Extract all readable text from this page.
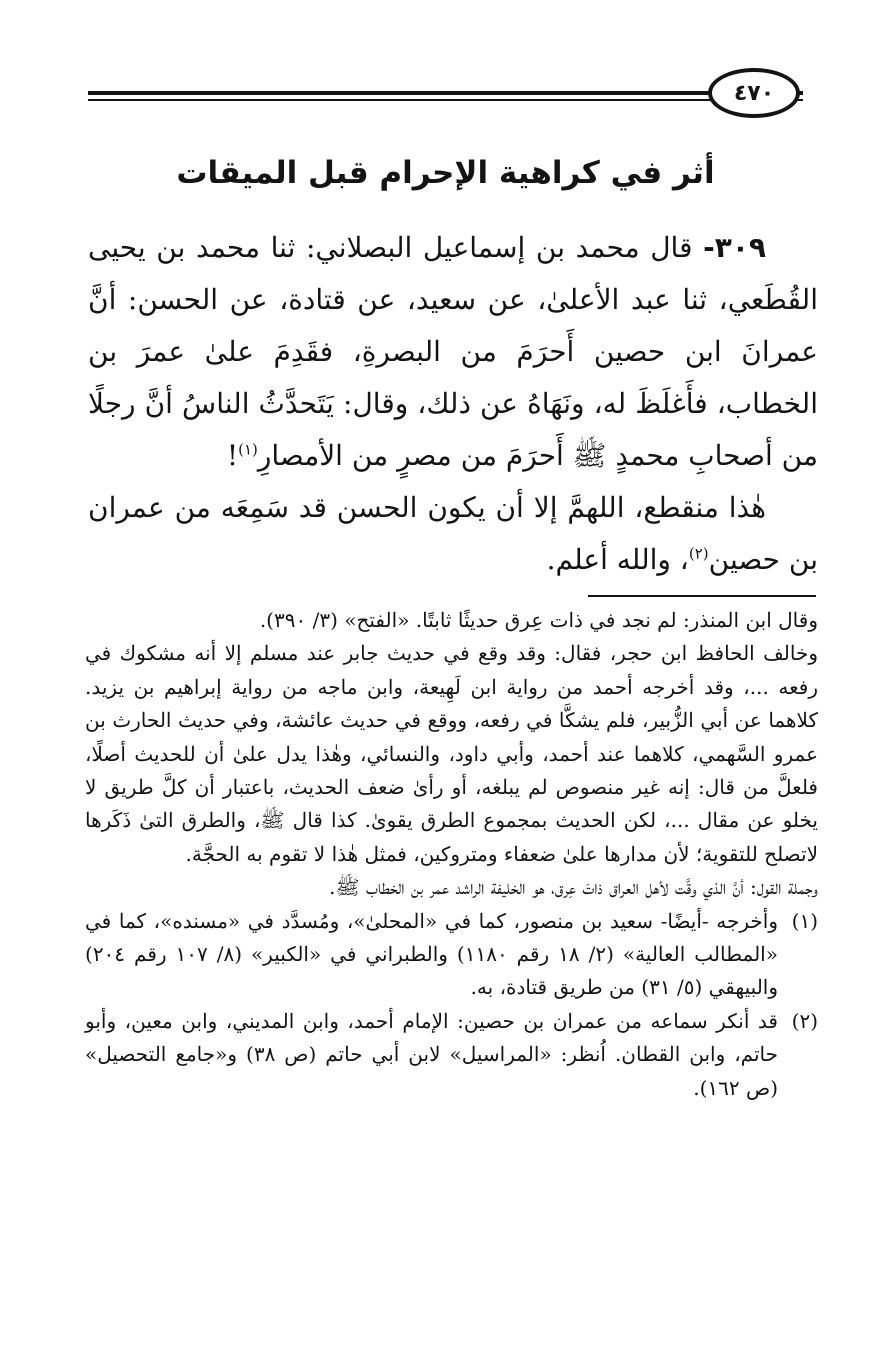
٤٧٠
أثر في كراهية الإحرام قبل الميقات

٣٠٩- قال محمد بن إسماعيل البصلاني: ثنا محمد بن يحيى القُطَعي، ثنا عبد الأعلىٰ، عن سعيد، عن قتادة، عن الحسن: أنَّ عمرانَ ابن حصين أَحرَمَ من البصرةِ، فقَدِمَ علىٰ عمرَ بن الخطاب، فأَغلَظَ له، ونَهَاهُ عن ذلك، وقال: يَتَحدَّثُ الناسُ أنَّ رجلًا من أصحابِ محمدٍ ﷺ أَحرَمَ من مصرٍ من الأمصارِ$^{(١)}$!

هٰذا منقطع، اللهمَّ إلا أن يكون الحسن قد سَمِعَه من عمران بن حصين$^{(٢)}$، والله أعلم.

وقال ابن المنذر: لم نجد في ذات عِرق حديثًا ثابتًا. «الفتح» (٣/ ٣٩٠).

وخالف الحافظ ابن حجر، فقال: وقد وقع في حديث جابر عند مسلم إلا أنه مشكوك في رفعه ...، وقد أخرجه أحمد من رواية ابن لَهِيعة، وابن ماجه من رواية إبراهيم بن يزيد. كلاهما عن أبي الزُّبير، فلم يشكَّا في رفعه، ووقع في حديث عائشة، وفي حديث الحارث بن عمرو السَّهمي، كلاهما عند أحمد، وأبي داود، والنسائي، وهٰذا يدل علىٰ أن للحديث أصلًا، فلعلَّ من قال: إنه غير منصوص لم يبلغه، أو رأىٰ ضعف الحديث، باعتبار أن كلَّ طريق لا يخلو عن مقال ...، لكن الحديث بمجموع الطرق يقوىٰ. كذا قال ﷺ، والطرق التىٰ ذَكَرها لاتصلح للتقوية؛ لأن مدارها علىٰ ضعفاء ومتروكين، فمثل هٰذا لا تقوم به الحجَّة.

وجملة القول: أنَّ الذي وقَّت لأهل العراق ذاتَ عِرق، هو الخليفة الراشد عمر بن الخطاب ﷺ.

(١)
وأخرجه -أيضًا- سعيد بن منصور، كما في «المحلىٰ»، ومُسدَّد في «مسنده»، كما في «المطالب العالية» (٢/ ١٨ رقم ١١٨٠) والطبراني في «الكبير» (٨/ ١٠٧ رقم ٢٠٤) والبيهقي (٥/ ٣١) من طريق قتادة، به.
(٢)
قد أنكر سماعه من عمران بن حصين: الإمام أحمد، وابن المديني، وابن معين، وأبو حاتم، وابن القطان. اُنظر: «المراسيل» لابن أبي حاتم (ص ٣٨) و«جامع التحصيل» (ص ١٦٢).
